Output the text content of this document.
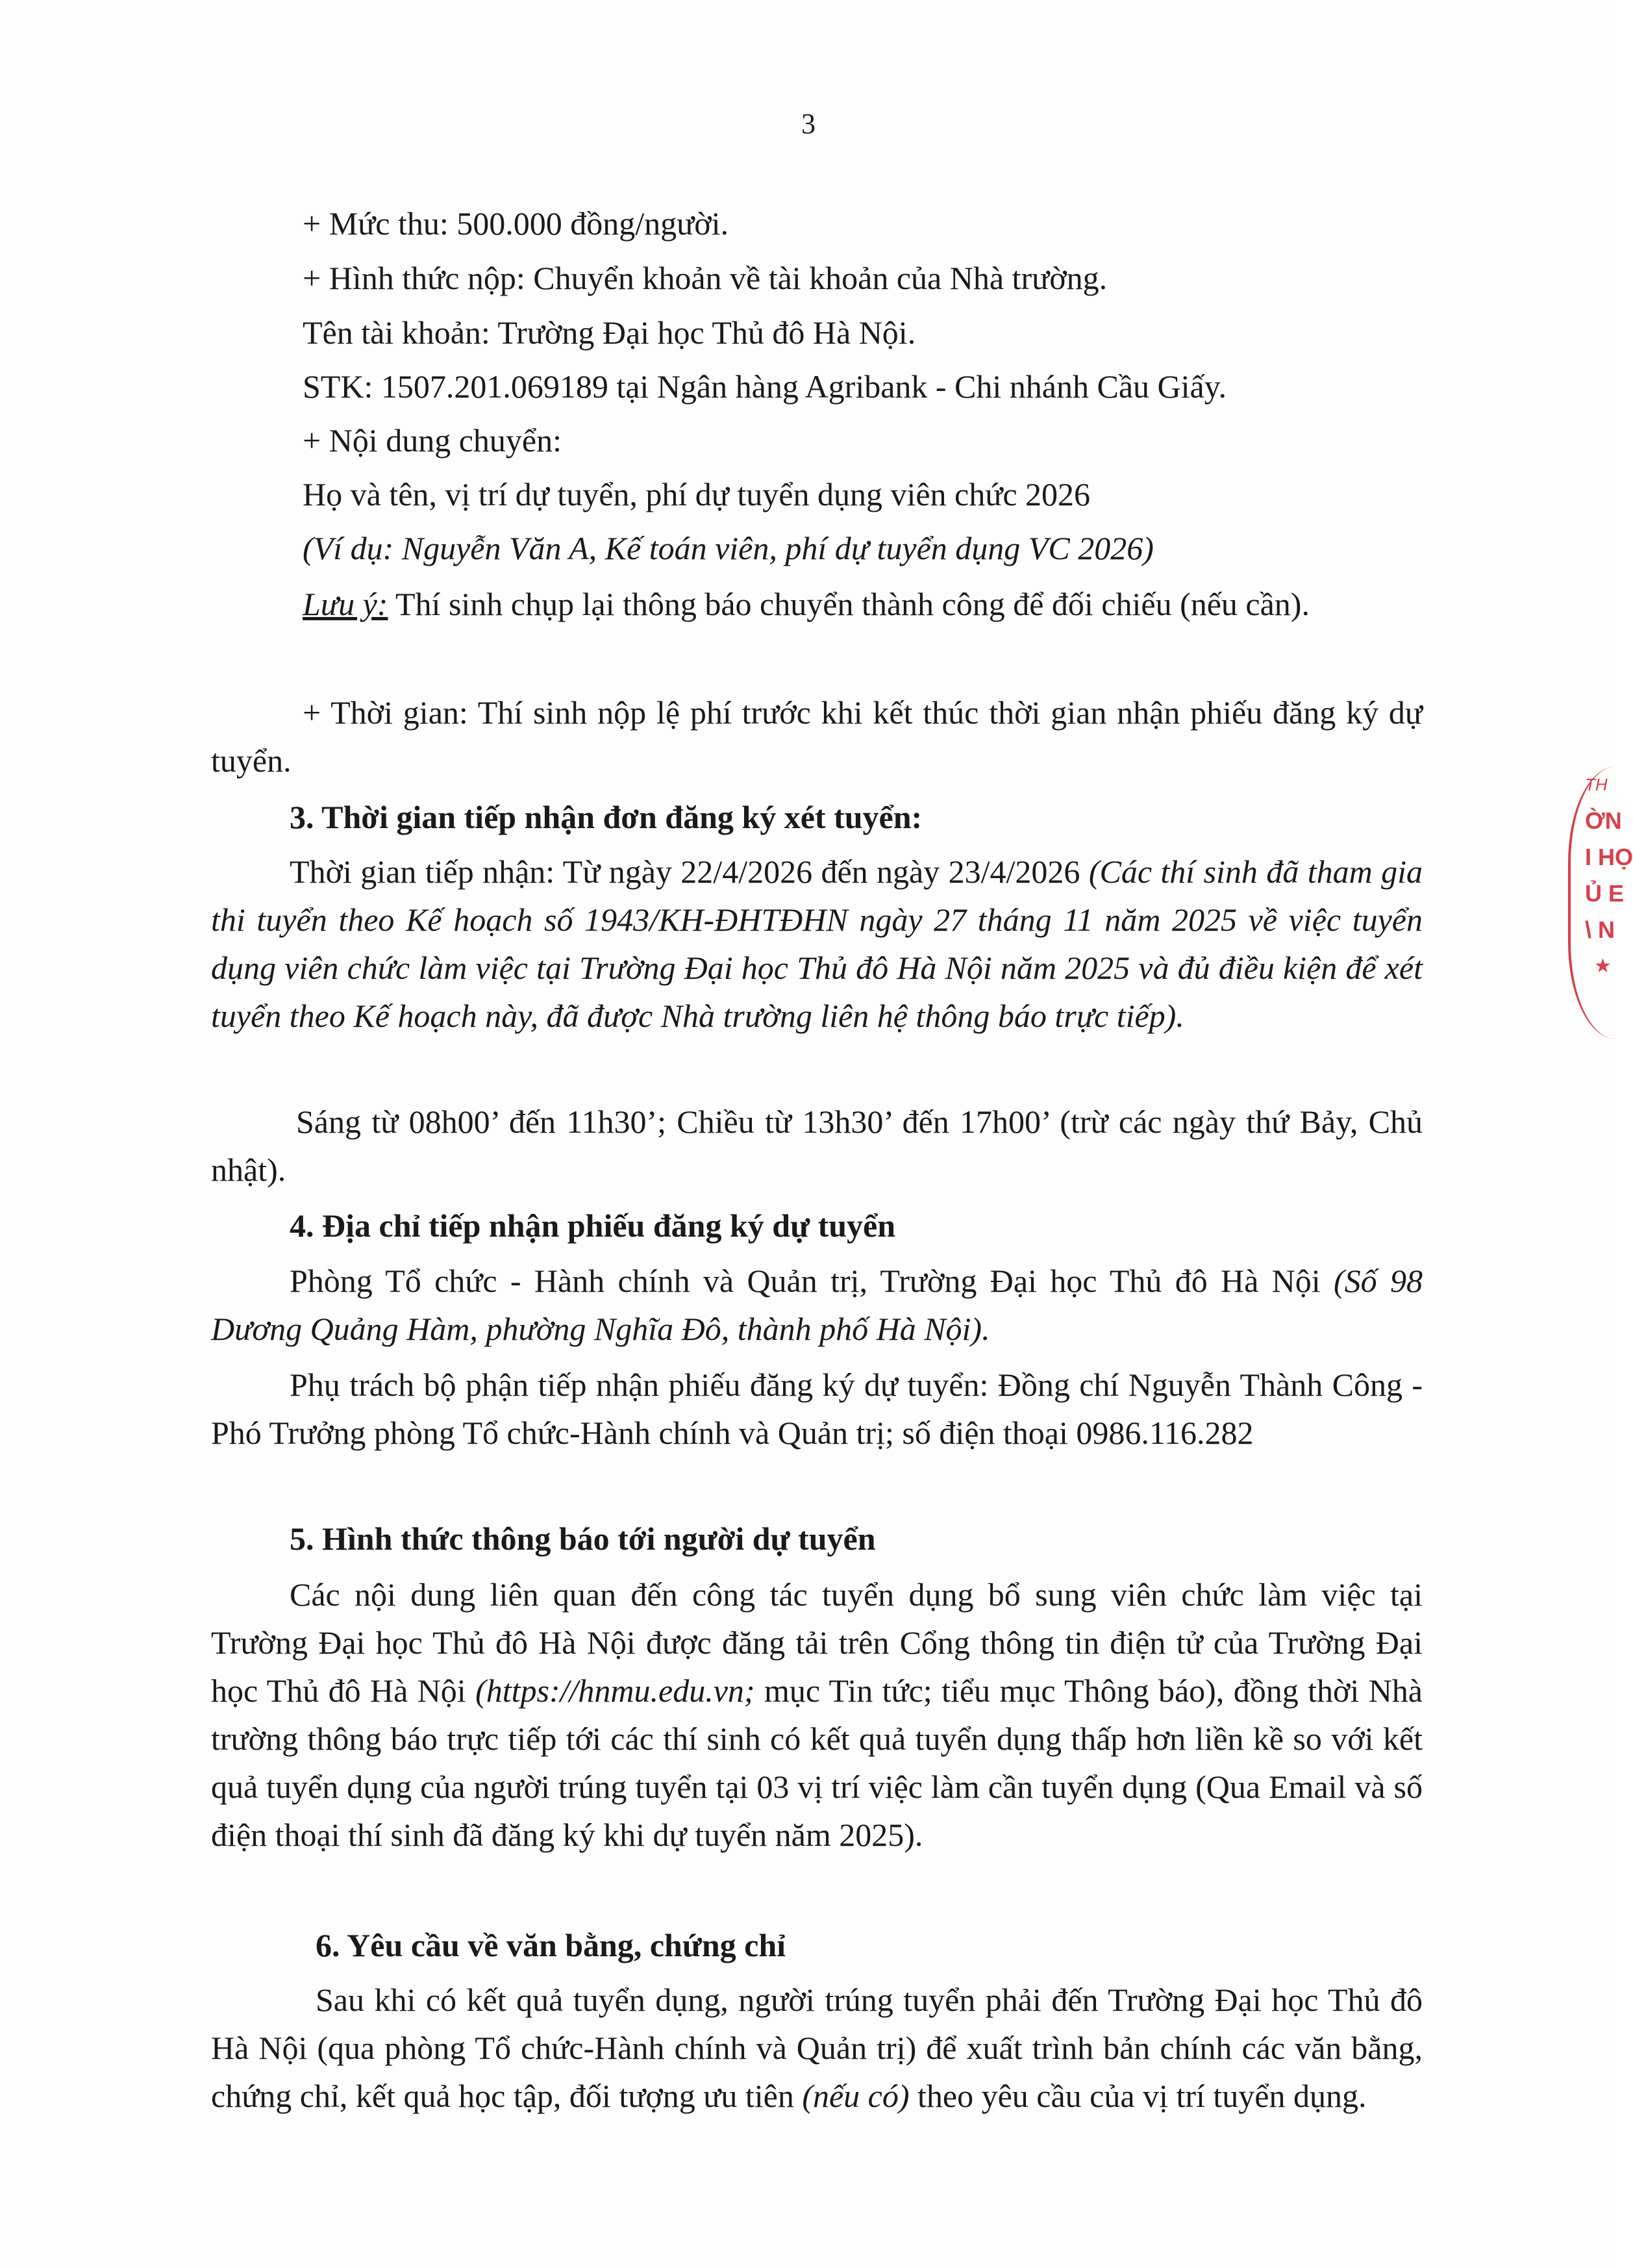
3
+ Mức thu: 500.000 đồng/người.
+ Hình thức nộp: Chuyển khoản về tài khoản của Nhà trường.
Tên tài khoản: Trường Đại học Thủ đô Hà Nội.
STK: 1507.201.069189 tại Ngân hàng Agribank - Chi nhánh Cầu Giấy.
+ Nội dung chuyển:
Họ và tên, vị trí dự tuyển, phí dự tuyển dụng viên chức 2026
(Ví dụ: Nguyễn Văn A, Kế toán viên, phí dự tuyển dụng VC 2026)
Lưu ý: Thí sinh chụp lại thông báo chuyển thành công để đối chiếu (nếu cần).
+ Thời gian: Thí sinh nộp lệ phí trước khi kết thúc thời gian nhận phiếu đăng ký dự tuyển.
3. Thời gian tiếp nhận đơn đăng ký xét tuyển:
Thời gian tiếp nhận: Từ ngày 22/4/2026 đến ngày 23/4/2026 (Các thí sinh đã tham gia thi tuyển theo Kế hoạch số 1943/KH-ĐHTĐHN ngày 27 tháng 11 năm 2025 về việc tuyển dụng viên chức làm việc tại Trường Đại học Thủ đô Hà Nội năm 2025 và đủ điều kiện để xét tuyển theo Kế hoạch này, đã được Nhà trường liên hệ thông báo trực tiếp).
Sáng từ 08h00’ đến 11h30’; Chiều từ 13h30’ đến 17h00’ (trừ các ngày thứ Bảy, Chủ nhật).
4. Địa chỉ tiếp nhận phiếu đăng ký dự tuyển
Phòng Tổ chức - Hành chính và Quản trị, Trường Đại học Thủ đô Hà Nội (Số 98 Dương Quảng Hàm, phường Nghĩa Đô, thành phố Hà Nội).
Phụ trách bộ phận tiếp nhận phiếu đăng ký dự tuyển: Đồng chí Nguyễn Thành Công - Phó Trưởng phòng Tổ chức-Hành chính và Quản trị; số điện thoại 0986.116.282
5. Hình thức thông báo tới người dự tuyển
Các nội dung liên quan đến công tác tuyển dụng bổ sung viên chức làm việc tại Trường Đại học Thủ đô Hà Nội được đăng tải trên Cổng thông tin điện tử của Trường Đại học Thủ đô Hà Nội (https://hnmu.edu.vn; mục Tin tức; tiểu mục Thông báo), đồng thời Nhà trường thông báo trực tiếp tới các thí sinh có kết quả tuyển dụng thấp hơn liền kề so với kết quả tuyển dụng của người trúng tuyển tại 03 vị trí việc làm cần tuyển dụng (Qua Email và số điện thoại thí sinh đã đăng ký khi dự tuyển năm 2025).
6. Yêu cầu về văn bằng, chứng chỉ
Sau khi có kết quả tuyển dụng, người trúng tuyển phải đến Trường Đại học Thủ đô Hà Nội (qua phòng Tổ chức-Hành chính và Quản trị) để xuất trình bản chính các văn bằng, chứng chỉ, kết quả học tập, đối tượng ưu tiên (nếu có) theo yêu cầu của vị trí tuyển dụng.
TH
ỜN
I HỌ
Ủ E
\ N
★
